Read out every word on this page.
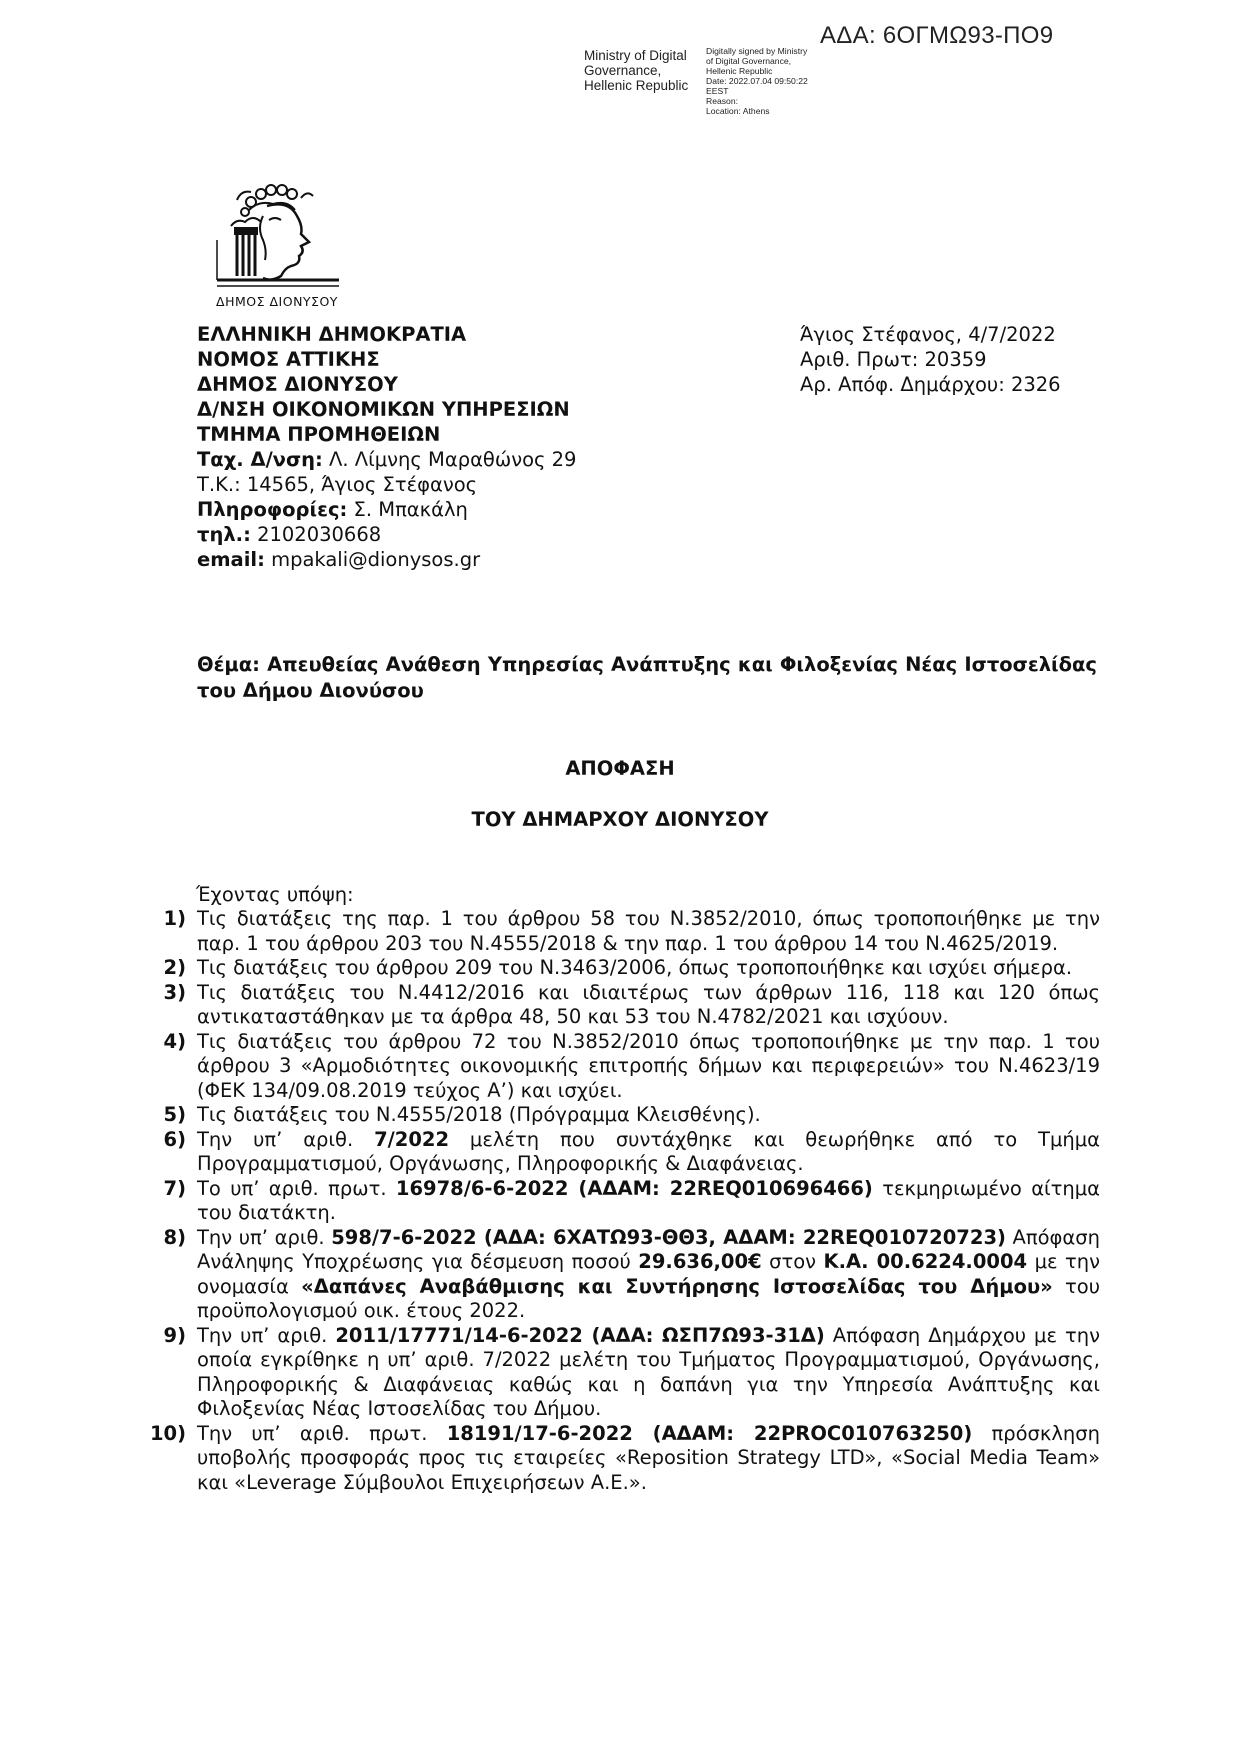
ΑΔΑ: 6ΟΓΜΩ93-ΠΟ9
Ministry of Digital
Governance,
Hellenic Republic
Digitally signed by Ministry
of Digital Governance,
Hellenic Republic
Date: 2022.07.04 09:50:22
EEST
Reason:
Location: Athens
ΔΗΜΟΣ ΔΙΟΝΥΣΟΥ
ΕΛΛΗΝΙΚΗ ΔΗΜΟΚΡΑΤΙΑ
ΝΟΜΟΣ ΑΤΤΙΚΗΣ
ΔΗΜΟΣ ΔΙΟΝΥΣΟΥ
Δ/ΝΣΗ ΟΙΚΟΝΟΜΙΚΩΝ ΥΠΗΡΕΣΙΩΝ
ΤΜΗΜΑ ΠΡΟΜΗΘΕΙΩΝ
Ταχ. Δ/νση: Λ. Λίμνης Μαραθώνος 29
Τ.Κ.: 14565, Άγιος Στέφανος
Πληροφορίες: Σ. Μπακάλη
τηλ.: 2102030668
email: mpakali@dionysos.gr
Άγιος Στέφανος, 4/7/2022
Αριθ. Πρωτ: 20359
Αρ. Απόφ. Δημάρχου: 2326
Θέμα: Απευθείας Ανάθεση Υπηρεσίας Ανάπτυξης και Φιλοξενίας Νέας Ιστοσελίδας του Δήμου Διονύσου
ΑΠΟΦΑΣΗ
ΤΟΥ ΔΗΜΑΡΧΟΥ ΔΙΟΝΥΣΟΥ
Έχοντας υπόψη:
1) Τις διατάξεις της παρ. 1 του άρθρου 58 του Ν.3852/2010, όπως τροποποιήθηκε με την παρ. 1 του άρθρου 203 του Ν.4555/2018 & την παρ. 1 του άρθρου 14 του Ν.4625/2019.
2) Τις διατάξεις του άρθρου 209 του Ν.3463/2006, όπως τροποποιήθηκε και ισχύει σήμερα.
3) Τις διατάξεις του Ν.4412/2016 και ιδιαιτέρως των άρθρων 116, 118 και 120 όπως αντικαταστάθηκαν με τα άρθρα 48, 50 και 53 του Ν.4782/2021 και ισχύουν.
4) Τις διατάξεις του άρθρου 72 του Ν.3852/2010 όπως τροποποιήθηκε με την παρ. 1 του άρθρου 3 «Αρμοδιότητες οικονομικής επιτροπής δήμων και περιφερειών» του Ν.4623/19 (ΦΕΚ 134/09.08.2019 τεύχος Α’) και ισχύει.
5) Τις διατάξεις του Ν.4555/2018 (Πρόγραμμα Κλεισθένης).
6) Την υπ’ αριθ. 7/2022 μελέτη που συντάχθηκε και θεωρήθηκε από το Τμήμα Προγραμματισμού, Οργάνωσης, Πληροφορικής & Διαφάνειας.
7) Το υπ’ αριθ. πρωτ. 16978/6-6-2022 (ΑΔΑΜ: 22REQ010696466) τεκμηριωμένο αίτημα του διατάκτη.
8) Την υπ’ αριθ. 598/7-6-2022 (ΑΔΑ: 6ΧΑΤΩ93-ΘΘ3, ΑΔΑΜ: 22REQ010720723) Απόφαση Ανάληψης Υποχρέωσης για δέσμευση ποσού 29.636,00€ στον Κ.Α. 00.6224.0004 με την ονομασία «Δαπάνες Αναβάθμισης και Συντήρησης Ιστοσελίδας του Δήμου» του προϋπολογισμού οικ. έτους 2022.
9) Την υπ’ αριθ. 2011/17771/14-6-2022 (ΑΔΑ: ΩΣΠ7Ω93-31Δ) Απόφαση Δημάρχου με την οποία εγκρίθηκε η υπ’ αριθ. 7/2022 μελέτη του Τμήματος Προγραμματισμού, Οργάνωσης, Πληροφορικής & Διαφάνειας καθώς και η δαπάνη για την Υπηρεσία Ανάπτυξης και Φιλοξενίας Νέας Ιστοσελίδας του Δήμου.
10) Την υπ’ αριθ. πρωτ. 18191/17-6-2022 (ΑΔΑΜ: 22PROC010763250) πρόσκληση υποβολής προσφοράς προς τις εταιρείες «Reposition Strategy LTD», «Social Media Team» και «Leverage Σύμβουλοι Επιχειρήσεων Α.Ε.».
